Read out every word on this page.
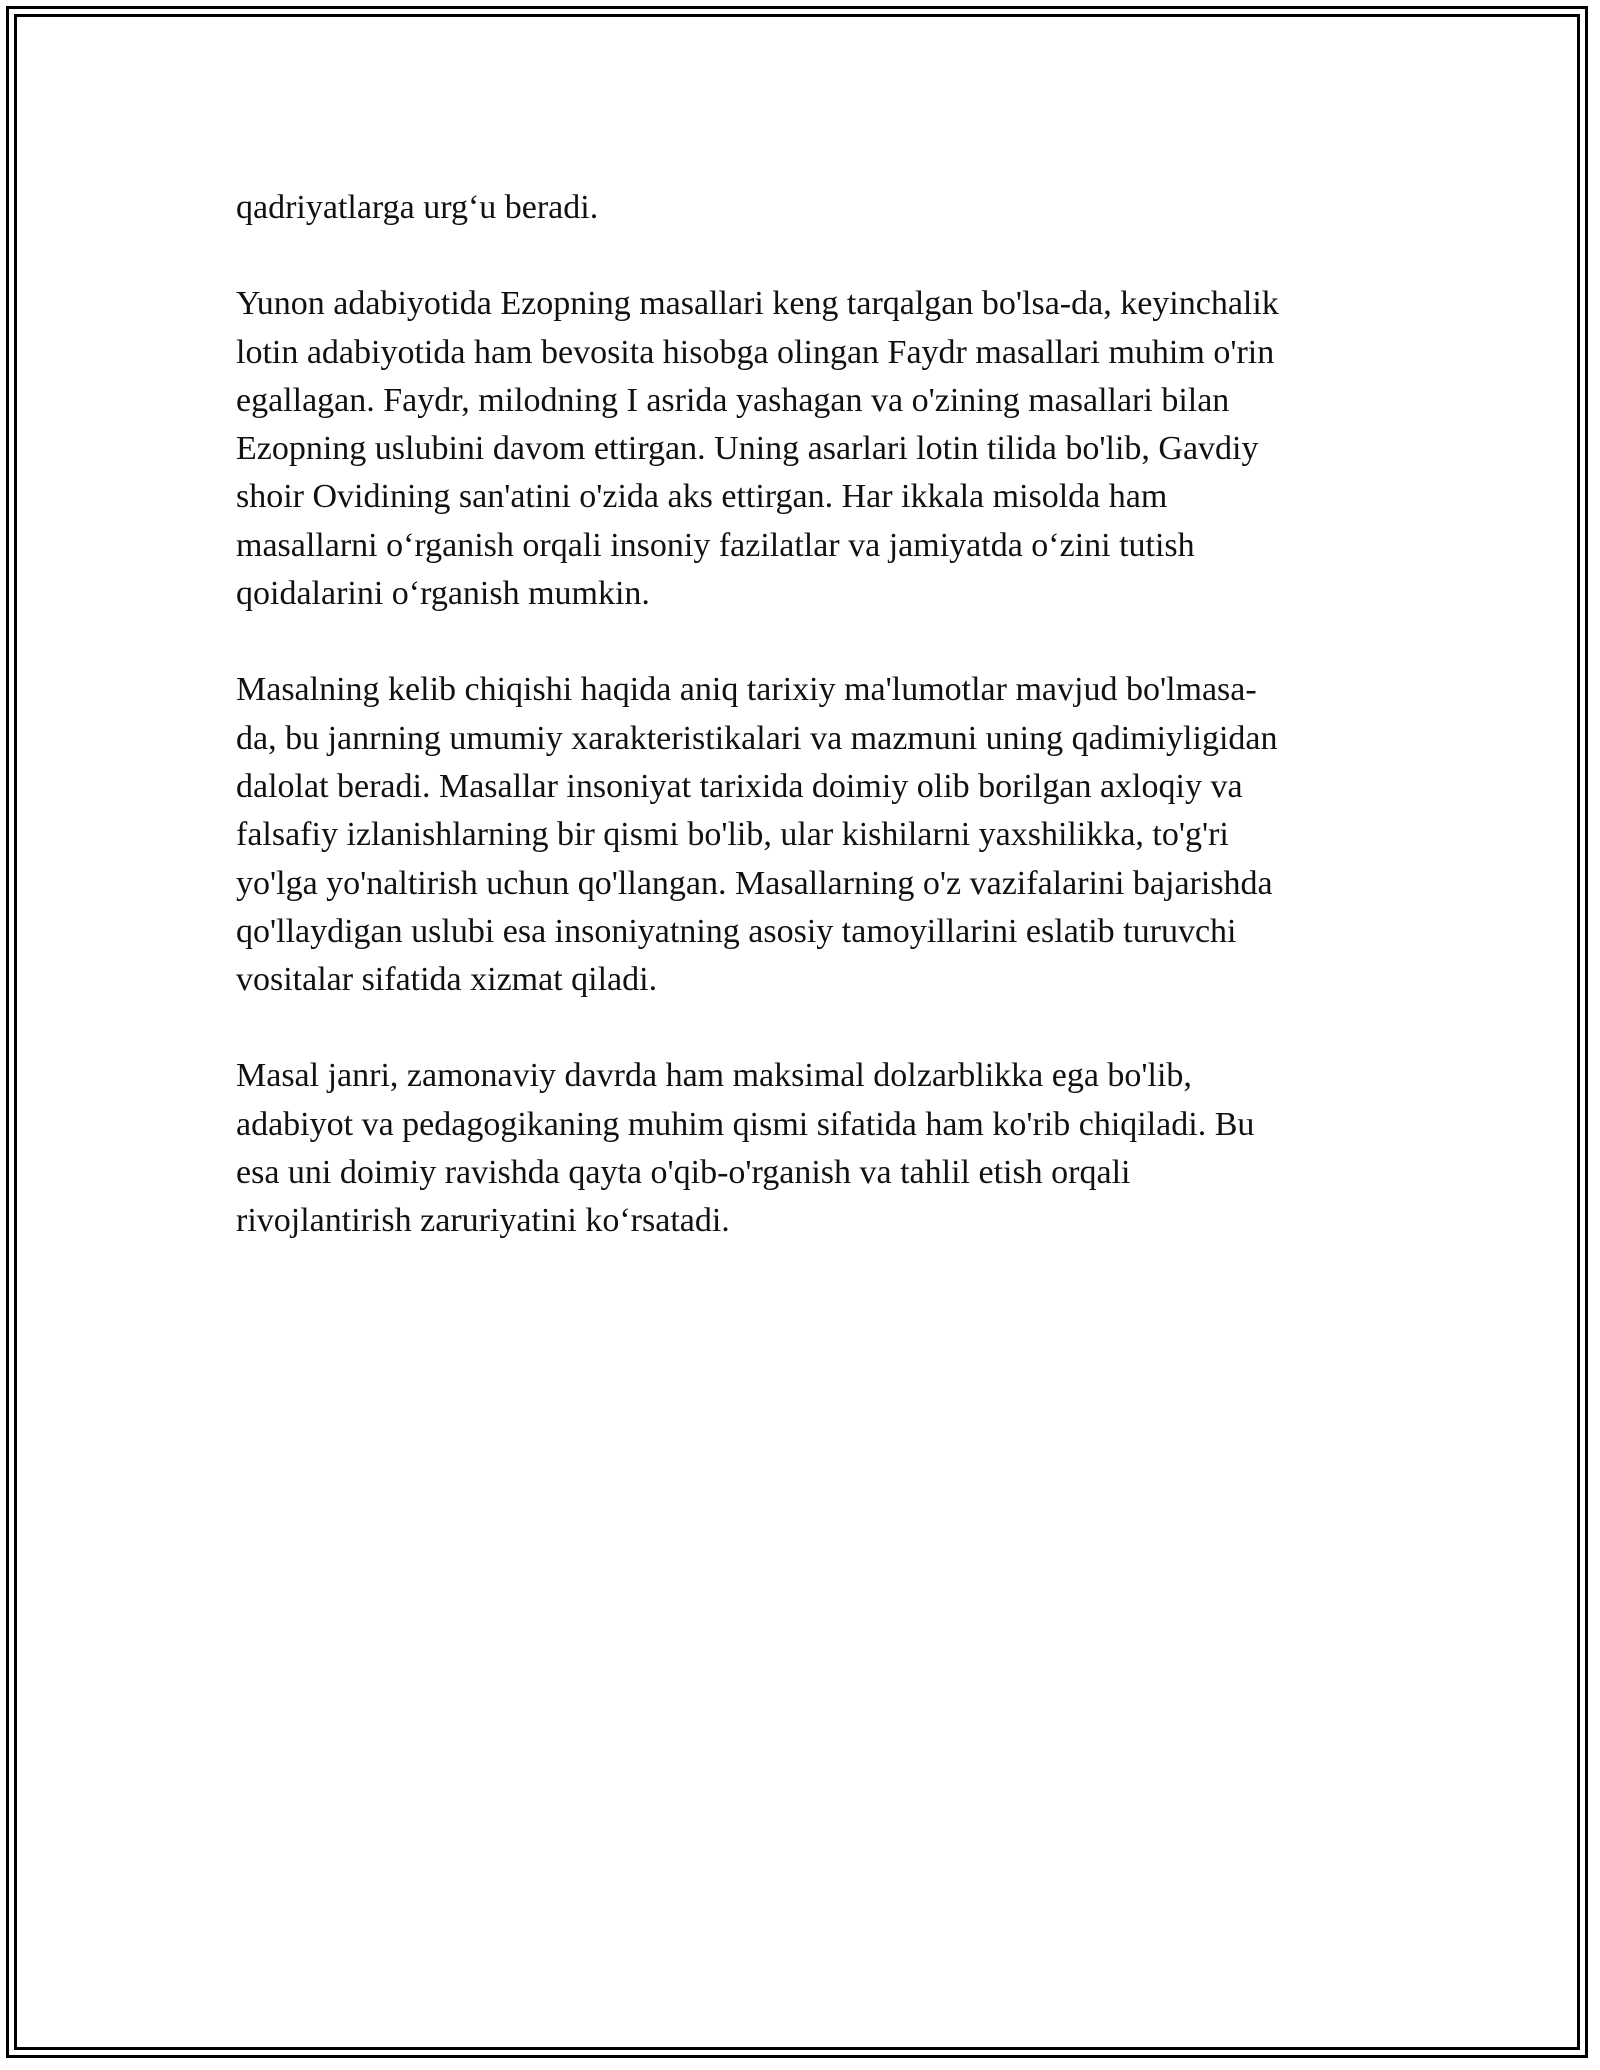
qadriyatlarga urg‘u beradi.

Yunon adabiyotida Ezopning masallari keng tarqalgan bo'lsa-da, keyinchalik
lotin adabiyotida ham bevosita hisobga olingan Faydr masallari muhim o'rin
egallagan. Faydr, milodning I asrida yashagan va o'zining masallari bilan
Ezopning uslubini davom ettirgan. Uning asarlari lotin tilida bo'lib, Gavdiy
shoir Ovidining san'atini o'zida aks ettirgan. Har ikkala misolda ham
masallarni o‘rganish orqali insoniy fazilatlar va jamiyatda o‘zini tutish
qoidalarini o‘rganish mumkin.

Masalning kelib chiqishi haqida aniq tarixiy ma'lumotlar mavjud bo'lmasa-
da, bu janrning umumiy xarakteristikalari va mazmuni uning qadimiyligidan
dalolat beradi. Masallar insoniyat tarixida doimiy olib borilgan axloqiy va
falsafiy izlanishlarning bir qismi bo'lib, ular kishilarni yaxshilikka, to'g'ri
yo'lga yo'naltirish uchun qo'llangan. Masallarning o'z vazifalarini bajarishda
qo'llaydigan uslubi esa insoniyatning asosiy tamoyillarini eslatib turuvchi
vositalar sifatida xizmat qiladi.

Masal janri, zamonaviy davrda ham maksimal dolzarblikka ega bo'lib,
adabiyot va pedagogikaning muhim qismi sifatida ham ko'rib chiqiladi. Bu
esa uni doimiy ravishda qayta o'qib-o'rganish va tahlil etish orqali
rivojlantirish zaruriyatini ko‘rsatadi.
